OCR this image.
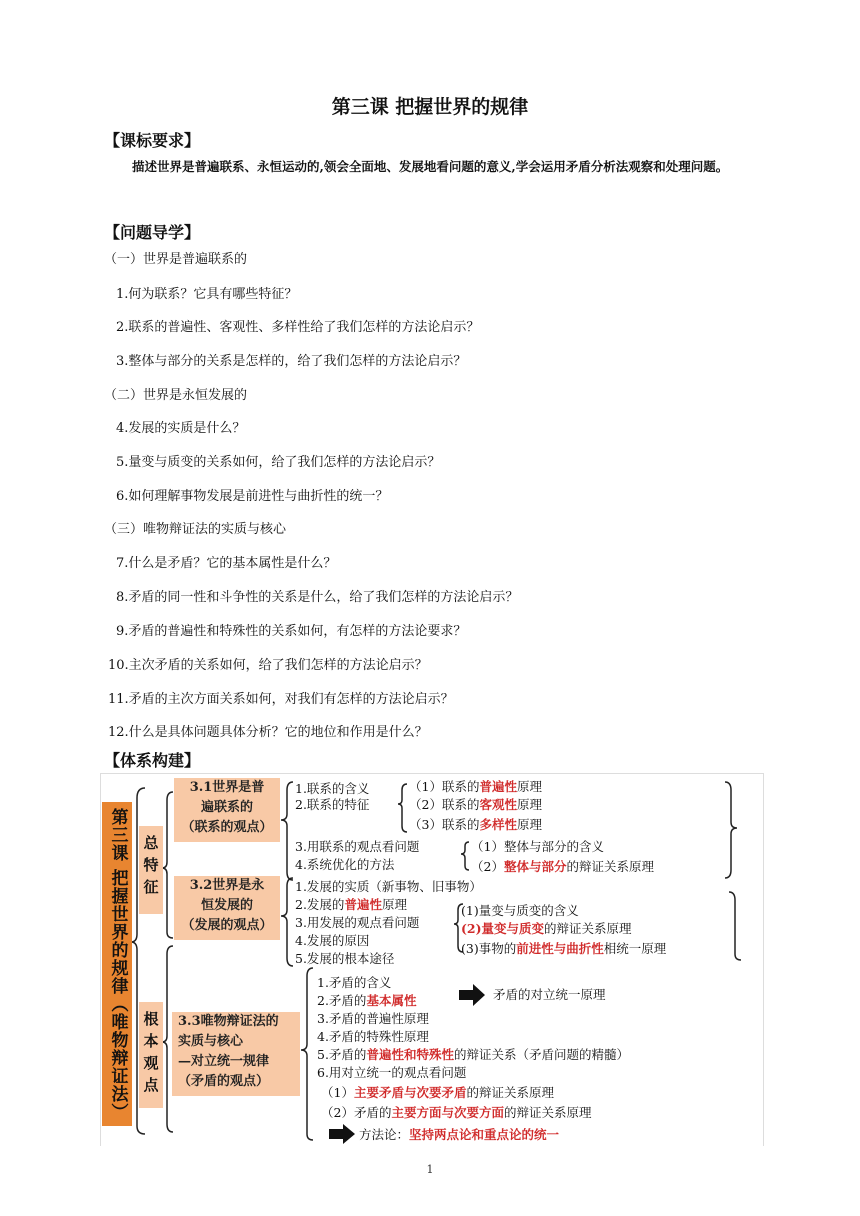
第三课 把握世界的规律
【课标要求】
描述世界是普遍联系、永恒运动的,领会全面地、发展地看问题的意义,学会运用矛盾分析法观察和处理问题。
【问题导学】
（一）世界是普遍联系的
1.何为联系？它具有哪些特征？
2.联系的普遍性、客观性、多样性给了我们怎样的方法论启示？
3.整体与部分的关系是怎样的，给了我们怎样的方法论启示？
（二）世界是永恒发展的
4.发展的实质是什么？
5.量变与质变的关系如何，给了我们怎样的方法论启示？
6.如何理解事物发展是前进性与曲折性的统一？
（三）唯物辩证法的实质与核心
7.什么是矛盾？它的基本属性是什么？
8.矛盾的同一性和斗争性的关系是什么，给了我们怎样的方法论启示？
9.矛盾的普遍性和特殊性的关系如何，有怎样的方法论要求？
10.主次矛盾的关系如何，给了我们怎样的方法论启示？
11.矛盾的主次方面关系如何，对我们有怎样的方法论启示？
12.什么是具体问题具体分析？它的地位和作用是什么？
【体系构建】
第三课 把握世界的规律（唯物辩证法）	总特征
根本观点
3.1世界是普
遍联系的
（联系的观点）
3.2世界是永
恒发展的
（发展的观点）
3.3唯物辩证法的
实质与核心
—对立统一规律
（矛盾的观点）
1.联系的含义
2.联系的特征
（1）联系的普遍性原理
（2）联系的客观性原理
（3）联系的多样性原理
3.用联系的观点看问题
4.系统优化的方法
（1）整体与部分的含义
（2）整体与部分的辩证关系原理
1.发展的实质（新事物、旧事物）
2.发展的普遍性原理
3.用发展的观点看问题
4.发展的原因
5.发展的根本途径
(1)量变与质变的含义
(2)量变与质变的辩证关系原理
(3)事物的前进性与曲折性相统一原理
1.矛盾的含义
2.矛盾的基本属性	矛盾的对立统一原理
3.矛盾的普遍性原理
4.矛盾的特殊性原理
5.矛盾的普遍性和特殊性的辩证关系（矛盾问题的精髓）
6.用对立统一的观点看问题
（1）主要矛盾与次要矛盾的辩证关系原理
（2）矛盾的主要方面与次要方面的辩证关系原理
方法论：坚持两点论和重点论的统一
1
